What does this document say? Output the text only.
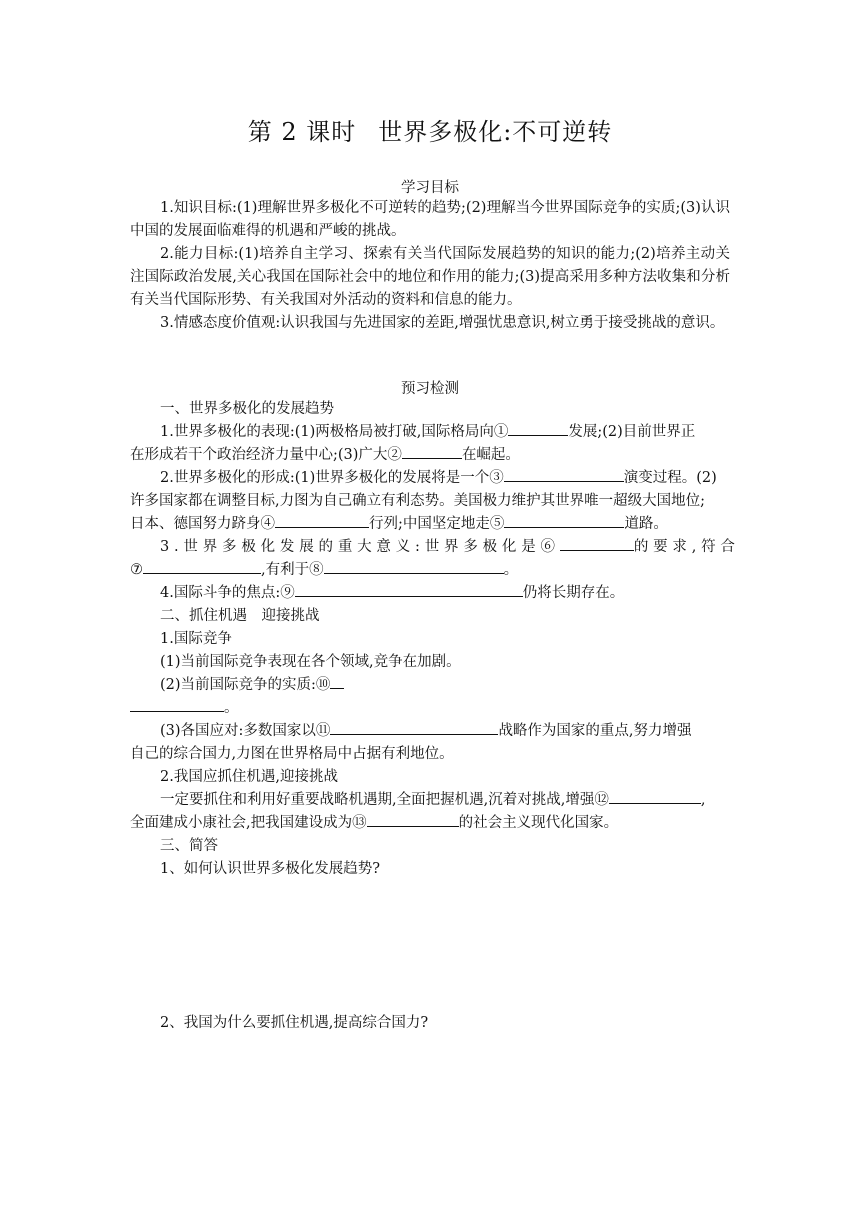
第 2 课时 世界多极化:不可逆转
学习目标
1.知识目标:(1)理解世界多极化不可逆转的趋势;(2)理解当今世界国际竞争的实质;(3)认识中国的发展面临难得的机遇和严峻的挑战。
2.能力目标:(1)培养自主学习、探索有关当代国际发展趋势的知识的能力;(2)培养主动关注国际政治发展,关心我国在国际社会中的地位和作用的能力;(3)提高采用多种方法收集和分析有关当代国际形势、有关我国对外活动的资料和信息的能力。
3.情感态度价值观:认识我国与先进国家的差距,增强忧患意识,树立勇于接受挑战的意识。
预习检测
一、世界多极化的发展趋势
1.世界多极化的表现:(1)两极格局被打破,国际格局向①	发展;(2)目前世界正
在形成若干个政治经济力量中心;(3)广大②	在崛起。
2.世界多极化的形成:(1)世界多极化的发展将是一个③	演变过程。(2)
许多国家都在调整目标,力图为自己确立有利态势。美国极力维护其世界唯一超级大国地位;
日本、德国努力跻身④	行列;中国坚定地走⑤	道路。
3.世界多极化发展的重大意义:世界多极化是⑥	的要求,符合
⑦	,有利于⑧	。
4.国际斗争的焦点:⑨	仍将长期存在。
二、抓住机遇　迎接挑战
1.国际竞争
(1)当前国际竞争表现在各个领域,竞争在加剧。
(2)当前国际竞争的实质:⑩
。
(3)各国应对:多数国家以⑪	战略作为国家的重点,努力增强
自己的综合国力,力图在世界格局中占据有利地位。
2.我国应抓住机遇,迎接挑战
一定要抓住和利用好重要战略机遇期,全面把握机遇,沉着对挑战,增强⑫	,
全面建成小康社会,把我国建设成为⑬	的社会主义现代化国家。
三、简答
1、如何认识世界多极化发展趋势?
2、我国为什么要抓住机遇,提高综合国力?
